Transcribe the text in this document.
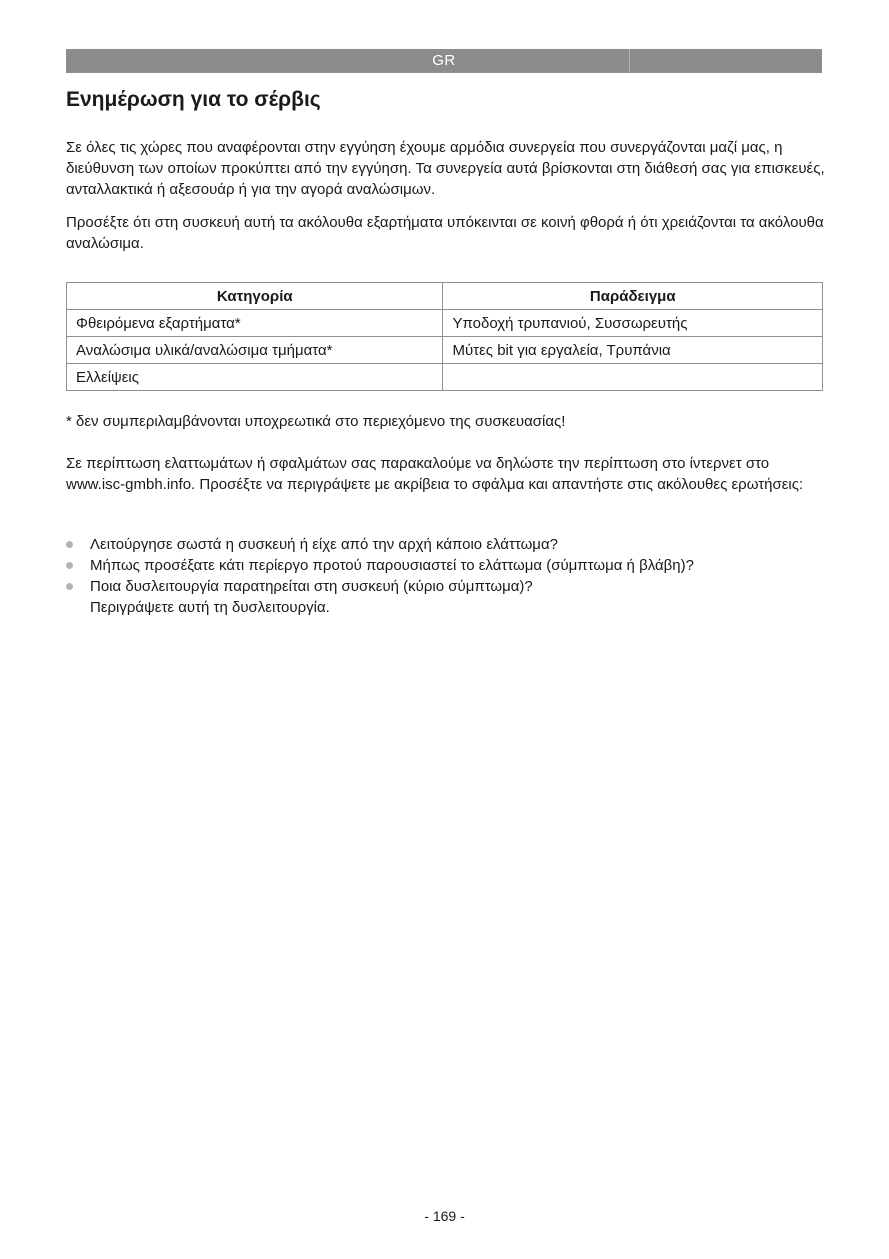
GR
Ενημέρωση για το σέρβις

Σε όλες τις χώρες που αναφέρονται στην εγγύηση έχουμε αρμόδια συνεργεία που συνεργάζονται μαζί μας, η διεύθυνση των οποίων προκύπτει από την εγγύηση. Τα συνεργεία αυτά βρίσκονται στη διάθεσή σας για επισκευές, ανταλλακτικά ή αξεσουάρ ή για την αγορά αναλώσιμων.

Προσέξτε ότι στη συσκευή αυτή τα ακόλουθα εξαρτήματα υπόκεινται σε κοινή φθορά ή ότι χρειάζονται τα ακόλουθα αναλώσιμα.

Κατηγορία	Παράδειγμα
Φθειρόμενα εξαρτήματα*	Υποδοχή τρυπανιού, Συσσωρευτής
Αναλώσιμα υλικά/αναλώσιμα τμήματα*	Μύτες bit για εργαλεία, Τρυπάνια
Ελλείψεις	

* δεν συμπεριλαμβάνονται υποχρεωτικά στο περιεχόμενο της συσκευασίας!

Σε περίπτωση ελαττωμάτων ή σφαλμάτων σας παρακαλούμε να δηλώστε την περίπτωση στο ίντερνετ στο www.isc-gmbh.info. Προσέξτε να περιγράψετε με ακρίβεια το σφάλμα και απαντήστε στις ακόλουθες ερωτήσεις:

Λειτούργησε σωστά η συσκευή ή είχε από την αρχή κάποιο ελάττωμα?
Μήπως προσέξατε κάτι περίεργο προτού παρουσιαστεί το ελάττωμα (σύμπτωμα ή βλάβη)?
Ποια δυσλειτουργία παρατηρείται στη συσκευή (κύριο σύμπτωμα)?
Περιγράψετε αυτή τη δυσλειτουργία.
- 169 -
